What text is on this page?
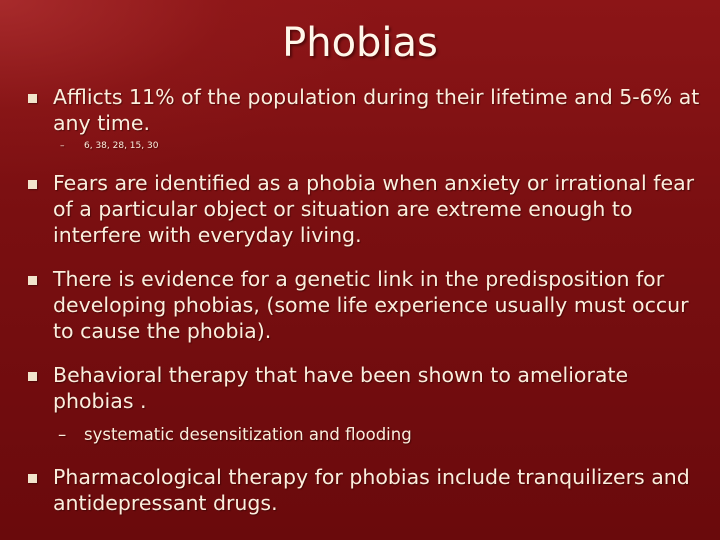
Phobias
Afflicts 11% of the population during their lifetime and 5-6% at any time.
– 6, 38, 28, 15, 30
Fears are identified as a phobia when anxiety or irrational fear of a particular object or situation are extreme enough to interfere with everyday living.
There is evidence for a genetic link in the predisposition for developing phobias, (some life experience usually must occur to cause the phobia).
Behavioral therapy that have been shown to ameliorate phobias .
– systematic desensitization and flooding
Pharmacological therapy for phobias include tranquilizers and antidepressant drugs.
